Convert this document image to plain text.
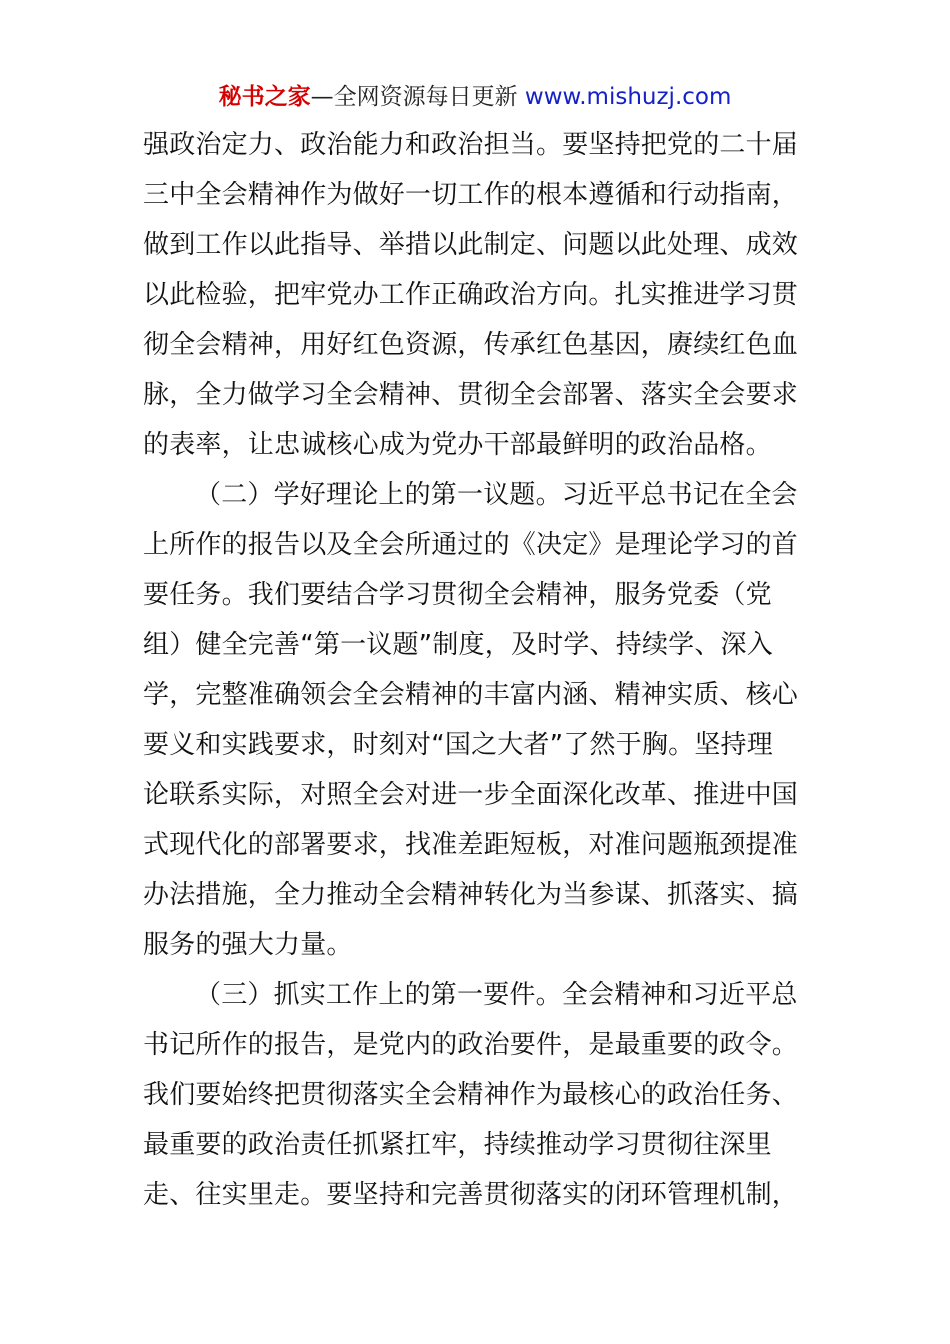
秘书之家—全网资源每日更新 www.mishuzj.com
强政治定力、政治能力和政治担当。要坚持把党的二十届
三中全会精神作为做好一切工作的根本遵循和行动指南，
做到工作以此指导、举措以此制定、问题以此处理、成效
以此检验，把牢党办工作正确政治方向。扎实推进学习贯
彻全会精神，用好红色资源，传承红色基因，赓续红色血
脉，全力做学习全会精神、贯彻全会部署、落实全会要求
的表率，让忠诚核心成为党办干部最鲜明的政治品格。
（二）学好理论上的第一议题。习近平总书记在全会
上所作的报告以及全会所通过的《决定》是理论学习的首
要任务。我们要结合学习贯彻全会精神，服务党委（党
组）健全完善“第一议题”制度，及时学、持续学、深入
学，完整准确领会全会精神的丰富内涵、精神实质、核心
要义和实践要求，时刻对“国之大者”了然于胸。坚持理
论联系实际，对照全会对进一步全面深化改革、推进中国
式现代化的部署要求，找准差距短板，对准问题瓶颈提准
办法措施，全力推动全会精神转化为当参谋、抓落实、搞
服务的强大力量。
（三）抓实工作上的第一要件。全会精神和习近平总
书记所作的报告，是党内的政治要件，是最重要的政令。
我们要始终把贯彻落实全会精神作为最核心的政治任务、
最重要的政治责任抓紧扛牢，持续推动学习贯彻往深里
走、往实里走。要坚持和完善贯彻落实的闭环管理机制，
